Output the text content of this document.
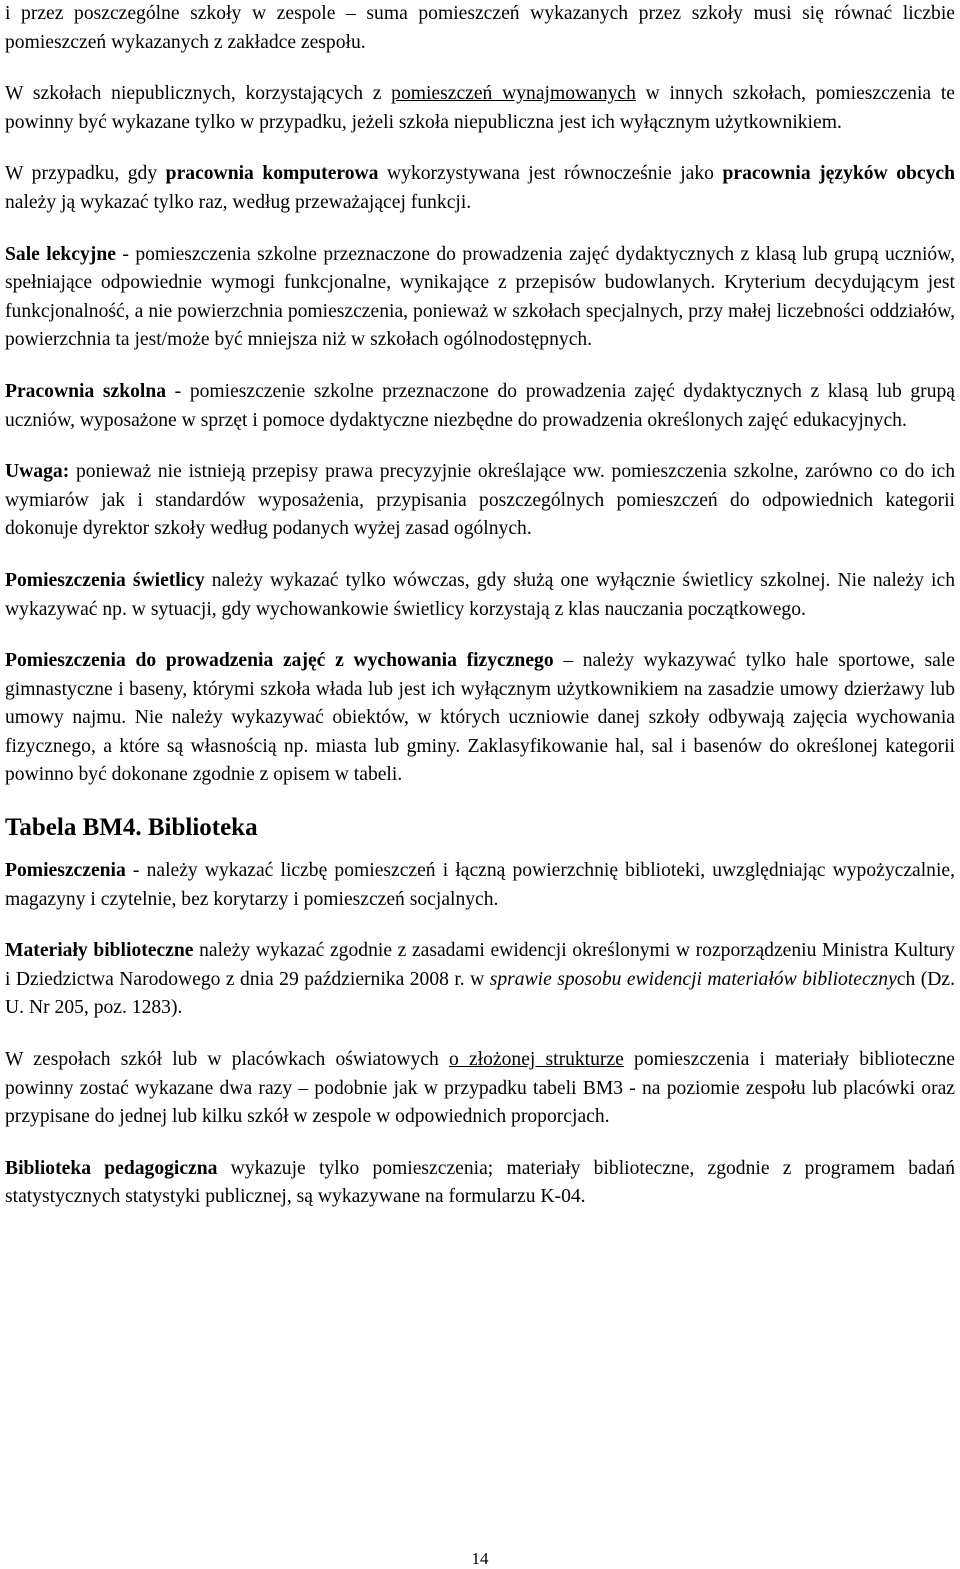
i przez poszczególne szkoły w zespole – suma pomieszczeń wykazanych przez szkoły musi się równać liczbie pomieszczeń wykazanych z zakładce zespołu.

W szkołach niepublicznych, korzystających z pomieszczeń wynajmowanych w innych szkołach, pomieszczenia te powinny być wykazane tylko w przypadku, jeżeli szkoła niepubliczna jest ich wyłącznym użytkownikiem.

W przypadku, gdy pracownia komputerowa wykorzystywana jest równocześnie jako pracownia języków obcych należy ją wykazać tylko raz, według przeważającej funkcji.

Sale lekcyjne - pomieszczenia szkolne przeznaczone do prowadzenia zajęć dydaktycznych z klasą lub grupą uczniów, spełniające odpowiednie wymogi funkcjonalne, wynikające z przepisów budowlanych. Kryterium decydującym jest funkcjonalność, a nie powierzchnia pomieszczenia, ponieważ w szkołach specjalnych, przy małej liczebności oddziałów, powierzchnia ta jest/może być mniejsza niż w szkołach ogólnodostępnych.

Pracownia szkolna - pomieszczenie szkolne przeznaczone do prowadzenia zajęć dydaktycznych z klasą lub grupą uczniów, wyposażone w sprzęt i pomoce dydaktyczne niezbędne do prowadzenia określonych zajęć edukacyjnych.

Uwaga: ponieważ nie istnieją przepisy prawa precyzyjnie określające ww. pomieszczenia szkolne, zarówno co do ich wymiarów jak i standardów wyposażenia, przypisania poszczególnych pomieszczeń do odpowiednich kategorii dokonuje dyrektor szkoły według podanych wyżej zasad ogólnych.

Pomieszczenia świetlicy należy wykazać tylko wówczas, gdy służą one wyłącznie świetlicy szkolnej. Nie należy ich wykazywać np. w sytuacji, gdy wychowankowie świetlicy korzystają z klas nauczania początkowego.

Pomieszczenia do prowadzenia zajęć z wychowania fizycznego – należy wykazywać tylko hale sportowe, sale gimnastyczne i baseny, którymi szkoła włada lub jest ich wyłącznym użytkownikiem na zasadzie umowy dzierżawy lub umowy najmu. Nie należy wykazywać obiektów, w których uczniowie danej szkoły odbywają zajęcia wychowania fizycznego, a które są własnością np. miasta lub gminy. Zaklasyfikowanie hal, sal i basenów do określonej kategorii powinno być dokonane zgodnie z opisem w tabeli.

Tabela BM4. Biblioteka

Pomieszczenia - należy wykazać liczbę pomieszczeń i łączną powierzchnię biblioteki, uwzględniając wypożyczalnie, magazyny i czytelnie, bez korytarzy i pomieszczeń socjalnych.

Materiały biblioteczne należy wykazać zgodnie z zasadami ewidencji określonymi w rozporządzeniu Ministra Kultury i Dziedzictwa Narodowego z dnia 29 października 2008 r. w sprawie sposobu ewidencji materiałów bibliotecznych (Dz. U. Nr 205, poz. 1283).

W zespołach szkół lub w placówkach oświatowych o złożonej strukturze pomieszczenia i materiały biblioteczne powinny zostać wykazane dwa razy – podobnie jak w przypadku tabeli BM3 - na poziomie zespołu lub placówki oraz przypisane do jednej lub kilku szkół w zespole w odpowiednich proporcjach.

Biblioteka pedagogiczna wykazuje tylko pomieszczenia; materiały biblioteczne, zgodnie z programem badań statystycznych statystyki publicznej, są wykazywane na formularzu K-04.

14
